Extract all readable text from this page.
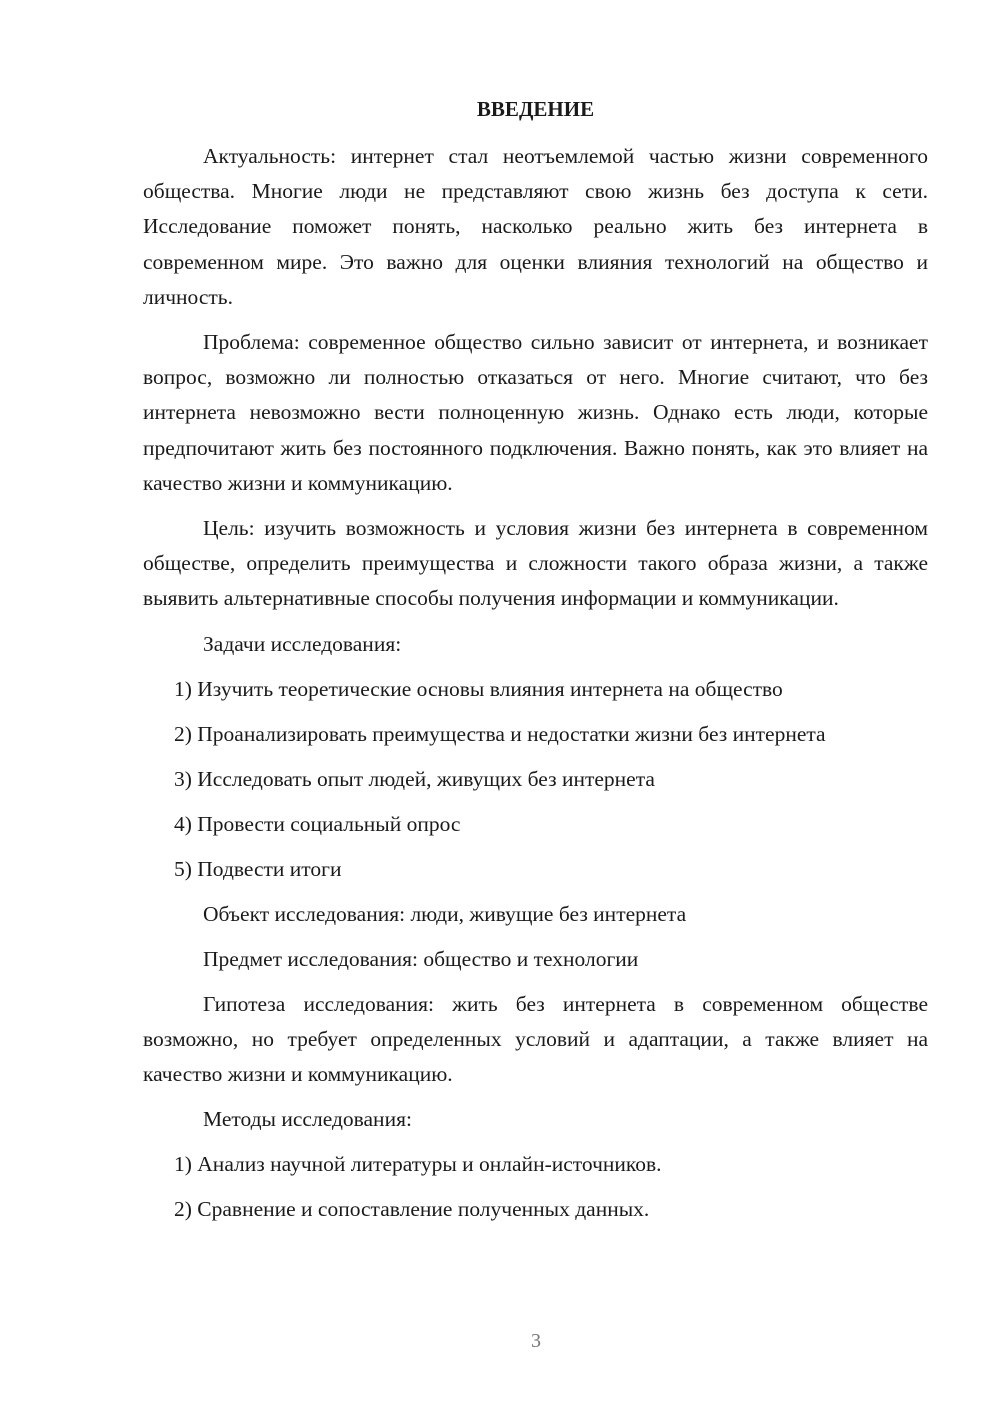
ВВЕДЕНИЕ

Актуальность: интернет стал неотъемлемой частью жизни современного общества. Многие люди не представляют свою жизнь без доступа к сети. Исследование поможет понять, насколько реально жить без интернета в современном мире. Это важно для оценки влияния технологий на общество и личность.

Проблема: современное общество сильно зависит от интернета, и возникает вопрос, возможно ли полностью отказаться от него. Многие считают, что без интернета невозможно вести полноценную жизнь. Однако есть люди, которые предпочитают жить без постоянного подключения. Важно понять, как это влияет на качество жизни и коммуникацию.

Цель: изучить возможность и условия жизни без интернета в современном обществе, определить преимущества и сложности такого образа жизни, а также выявить альтернативные способы получения информации и коммуникации.

Задачи исследования:

1) Изучить теоретические основы влияния интернета на общество

2) Проанализировать преимущества и недостатки жизни без интернета

3) Исследовать опыт людей, живущих без интернета

4) Провести социальный опрос

5) Подвести итоги

Объект исследования: люди, живущие без интернета

Предмет исследования: общество и технологии

Гипотеза исследования: жить без интернета в современном обществе возможно, но требует определенных условий и адаптации, а также влияет на качество жизни и коммуникацию.

Методы исследования:

1) Анализ научной литературы и онлайн-источников.

2) Сравнение и сопоставление полученных данных.

3
